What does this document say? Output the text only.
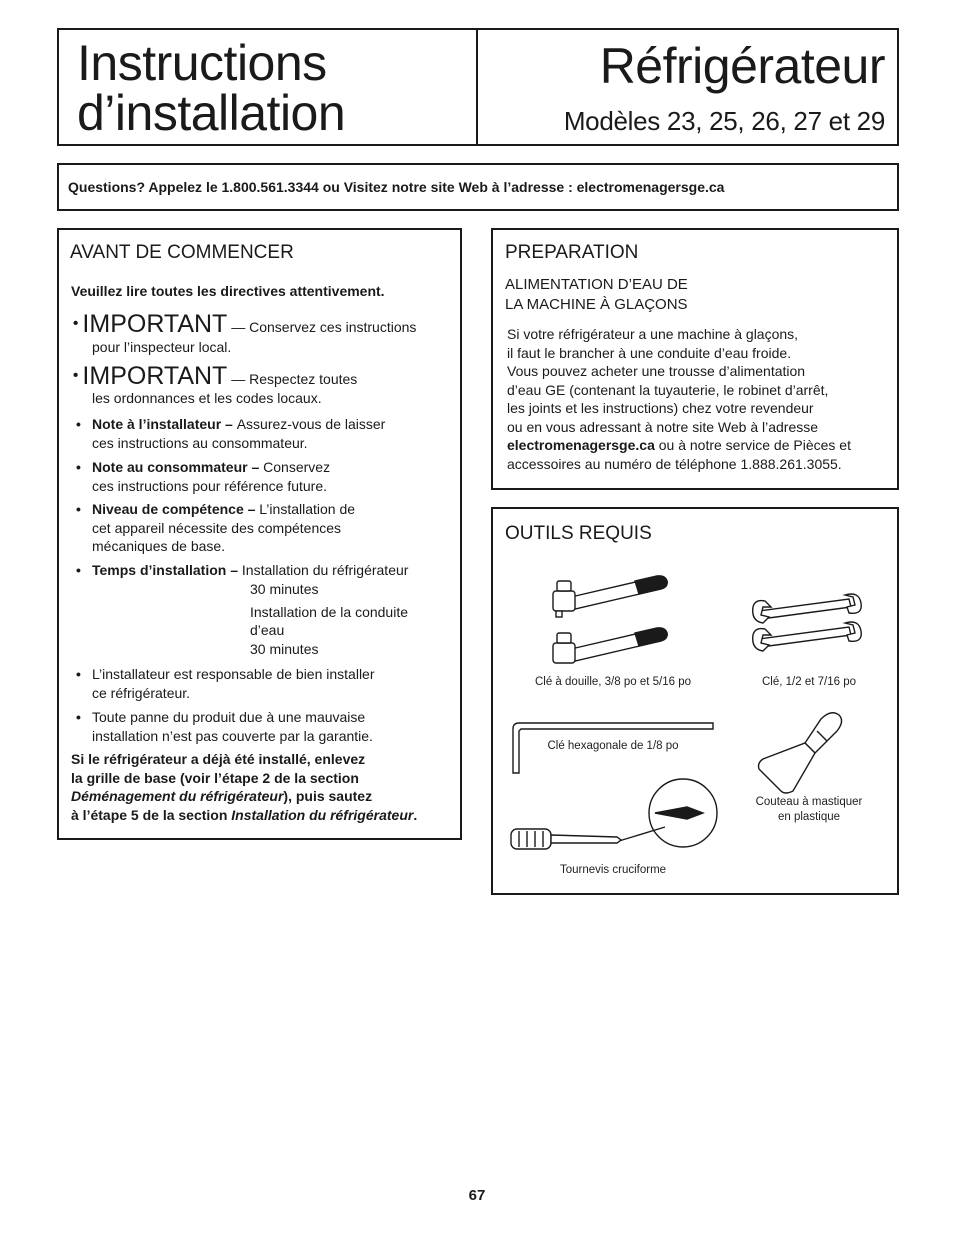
Instructions
d’installation
Réfrigérateur
Modèles 23, 25, 26, 27 et 29
Questions? Appelez le 1.800.561.3344 ou Visitez notre site Web à l’adresse : electromenagersge.ca
AVANT DE COMMENCER
Veuillez lire toutes les directives attentivement.
• IMPORTANT — Conservez ces instructions
pour l’inspecteur local.
• IMPORTANT — Respectez toutes
les ordonnances et les codes locaux.
• Note à l’installateur – Assurez-vous de laisser
ces instructions au consommateur.
• Note au consommateur – Conservez
ces instructions pour référence future.
• Niveau de compétence – L’installation de
cet appareil nécessite des compétences
mécaniques de base.
• Temps d’installation – Installation du réfrigérateur
30 minutes
Installation de la conduite
d’eau
30 minutes
• L’installateur est responsable de bien installer
ce réfrigérateur.
• Toute panne du produit due à une mauvaise
installation n’est pas couverte par la garantie.
Si le réfrigérateur a déjà été installé, enlevez
la grille de base (voir l’étape 2 de la section
Déménagement du réfrigérateur), puis sautez
à l’étape 5 de la section Installation du réfrigérateur.
PREPARATION
ALIMENTATION D’EAU DE
LA MACHINE À GLAÇONS
Si votre réfrigérateur a une machine à glaçons,
il faut le brancher à une conduite d’eau froide.
Vous pouvez acheter une trousse d’alimentation
d’eau GE (contenant la tuyauterie, le robinet d’arrêt,
les joints et les instructions) chez votre revendeur
ou en vous adressant à notre site Web à l’adresse
electromenagersge.ca ou à notre service de Pièces et
accessoires au numéro de téléphone 1.888.261.3055.
OUTILS REQUIS
Clé à douille, 3/8 po et 5/16 po	Clé, 1/2 et 7/16 po
Clé hexagonale de 1/8 po
Couteau à mastiquer
en plastique
Tournevis cruciforme
67
